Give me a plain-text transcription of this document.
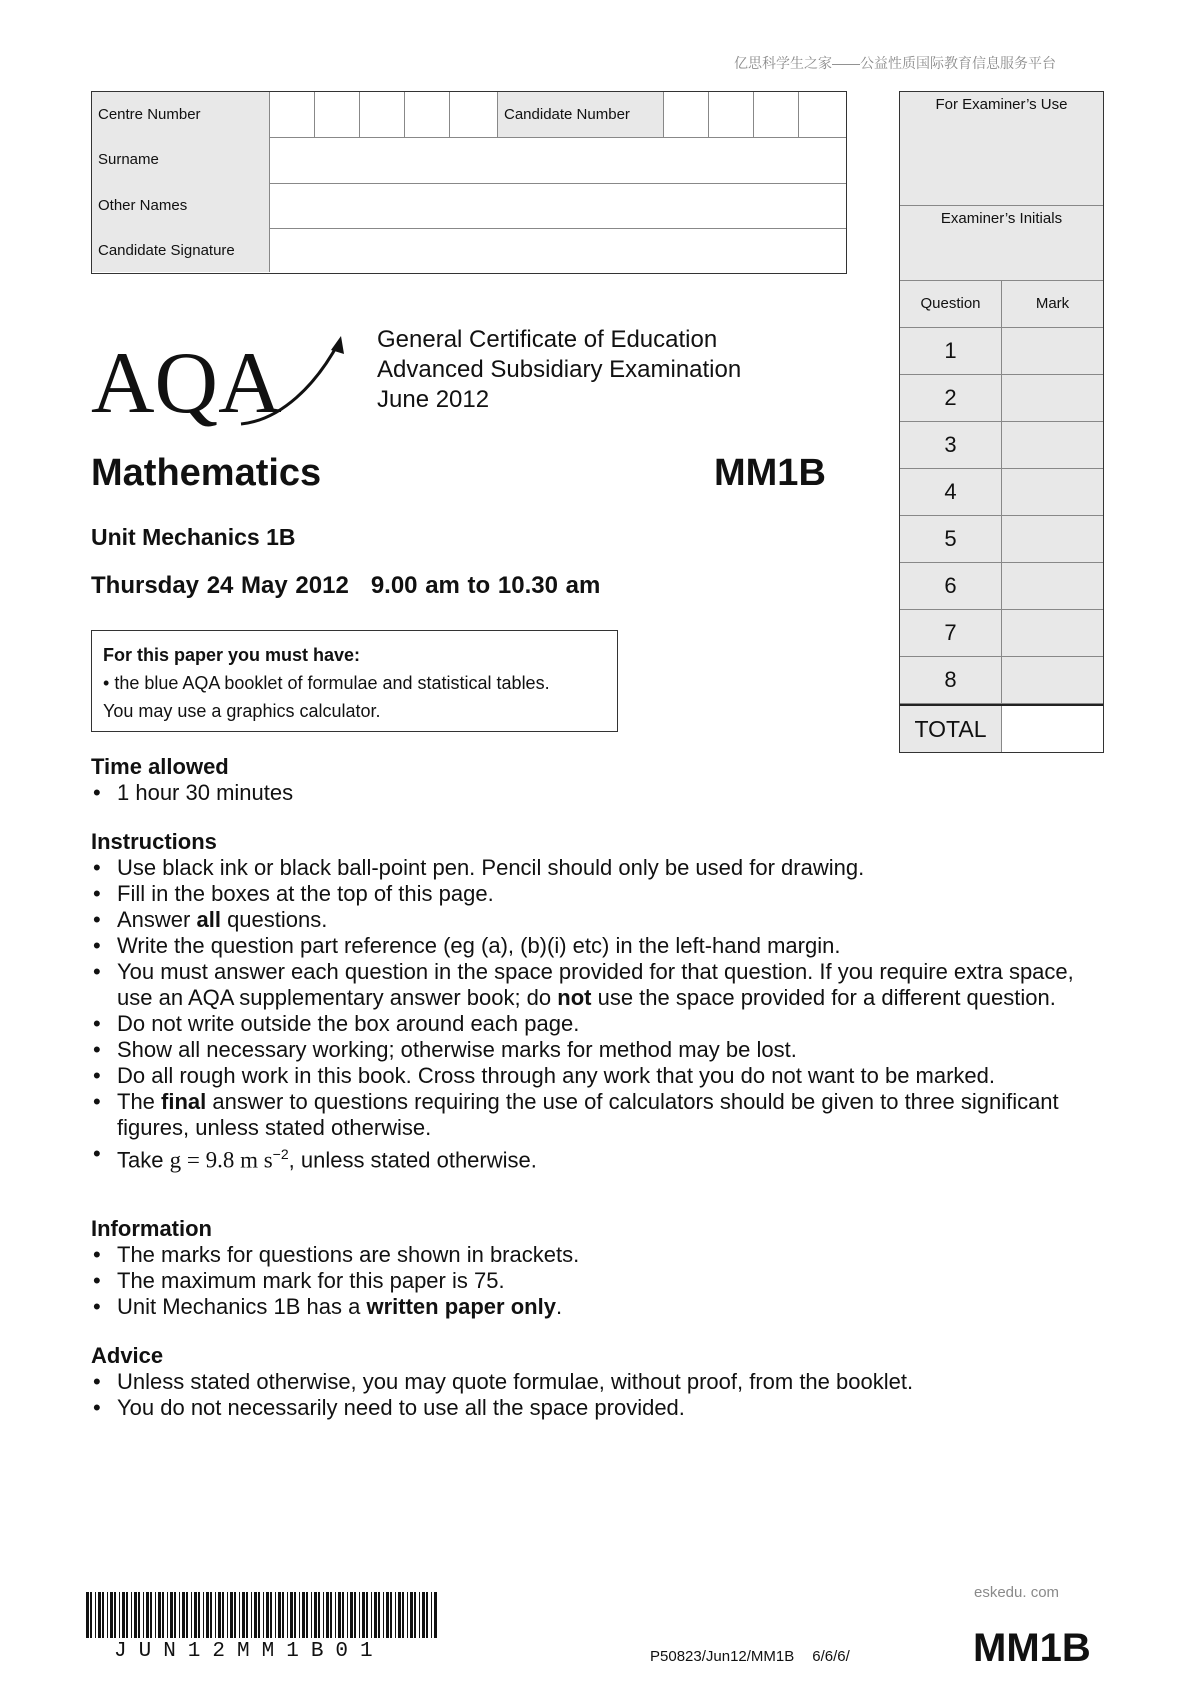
亿思科学生之家——公益性质国际教育信息服务平台
Centre Number	Candidate Number
Surname
Other Names
Candidate Signature
For Examiner’s Use
Examiner’s Initials
Question	Mark
1
2
3
4
5
6
7
8
TOTAL
AQA	General Certificate of Education
Advanced Subsidiary Examination
June 2012
Mathematics	MM1B
Unit Mechanics 1B
Thursday 24 May 2012 9.00 am to 10.30 am
For this paper you must have:
• the blue AQA booklet of formulae and statistical tables.
You may use a graphics calculator.
Time allowed
• 1 hour 30 minutes
Instructions
• Use black ink or black ball-point pen. Pencil should only be used for drawing.
• Fill in the boxes at the top of this page.
• Answer all questions.
• Write the question part reference (eg (a), (b)(i) etc) in the left-hand margin.
• You must answer each question in the space provided for that question. If you require extra space, use an AQA supplementary answer book; do not use the space provided for a different question.
• Do not write outside the box around each page.
• Show all necessary working; otherwise marks for method may be lost.
• Do all rough work in this book. Cross through any work that you do not want to be marked.
• The final answer to questions requiring the use of calculators should be given to three significant figures, unless stated otherwise.
• Take g = 9.8 m $s^{-2}$, unless stated otherwise.
Information
• The marks for questions are shown in brackets.
• The maximum mark for this paper is 75.
• Unit Mechanics 1B has a written paper only.
Advice
• Unless stated otherwise, you may quote formulae, without proof, from the booklet.
• You do not necessarily need to use all the space provided.
JUN12MM1B01	P50823/Jun12/MM1B 6/6/6/
eskedu. com
MM1B
